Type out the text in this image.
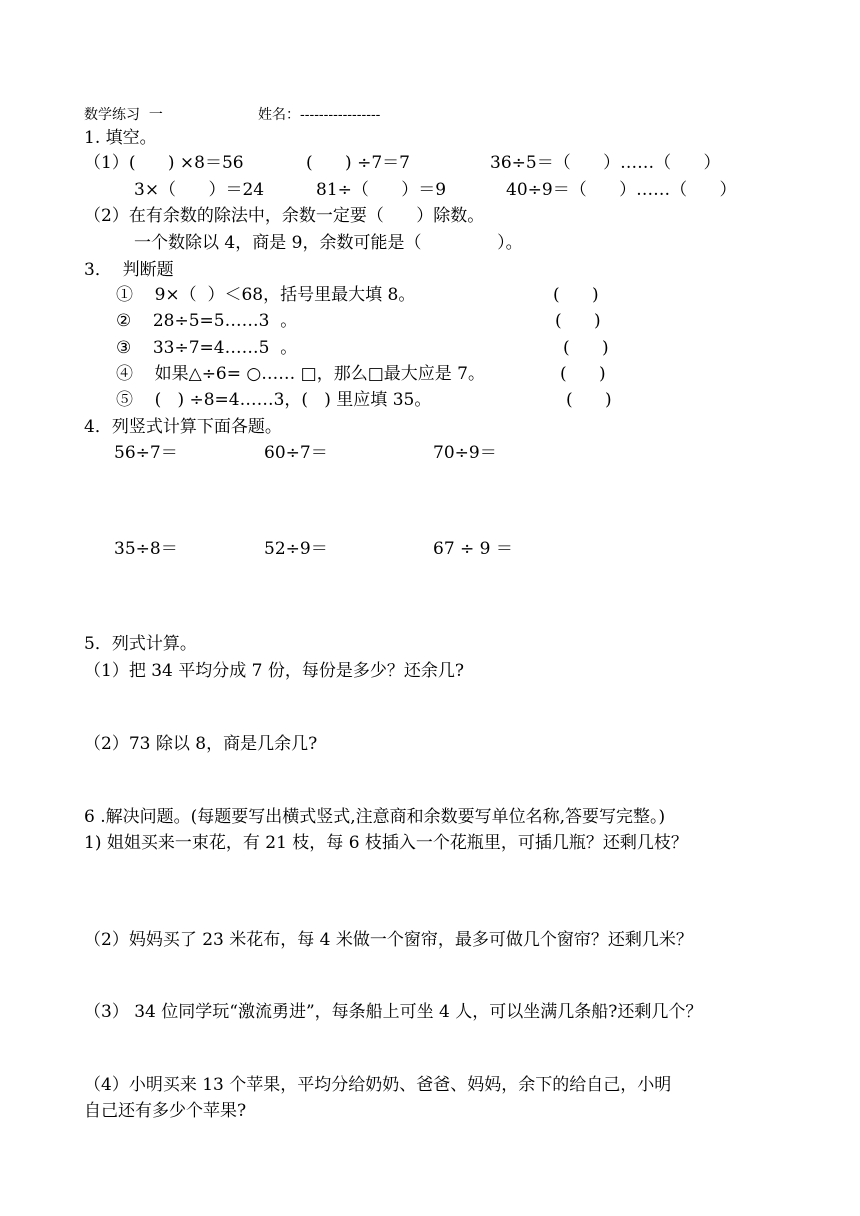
数学练习  一	姓名：-----------------
1. 填空。
（1）(      ) ×8＝56	(      ) ÷7＝7	36÷5＝（      ）……（      ）
3×（      ）＝24	81÷（      ）＝9	40÷9＝（      ）……（      ）
（2）在有余数的除法中，余数一定要（      ）除数。
一个数除以 4，商是 9，余数可能是（              ）。
3．  判断题
①    9×（  ）＜68，括号里最大填 8。	(      )
②    28÷5=5……3  。	(      )
③    33÷7=4……5  。	(      )
④    如果△÷6= ○…… □，那么□最大应是 7。	(      )
⑤    (   ) ÷8=4……3，(   ) 里应填 35。	(      )
4．列竖式计算下面各题。
56÷7＝	60÷7＝	70÷9＝
35÷8＝	52÷9＝	67 ÷ 9 ＝
5．列式计算。
（1）把 34 平均分成 7 份，每份是多少？还余几?
（2）73 除以 8，商是几余几?
6 .解决问题。(每题要写出横式竖式,注意商和余数要写单位名称,答要写完整。)
1) 姐姐买来一束花，有 21 枝，每 6 枝插入一个花瓶里，可插几瓶？还剩几枝？
（2）妈妈买了 23 米花布，每 4 米做一个窗帘，最多可做几个窗帘？还剩几米？
（3） 34 位同学玩“激流勇进”，每条船上可坐 4 人，可以坐满几条船?还剩几个？
（4）小明买来 13 个苹果，平均分给奶奶、爸爸、妈妈，余下的给自己，小明
自己还有多少个苹果?
